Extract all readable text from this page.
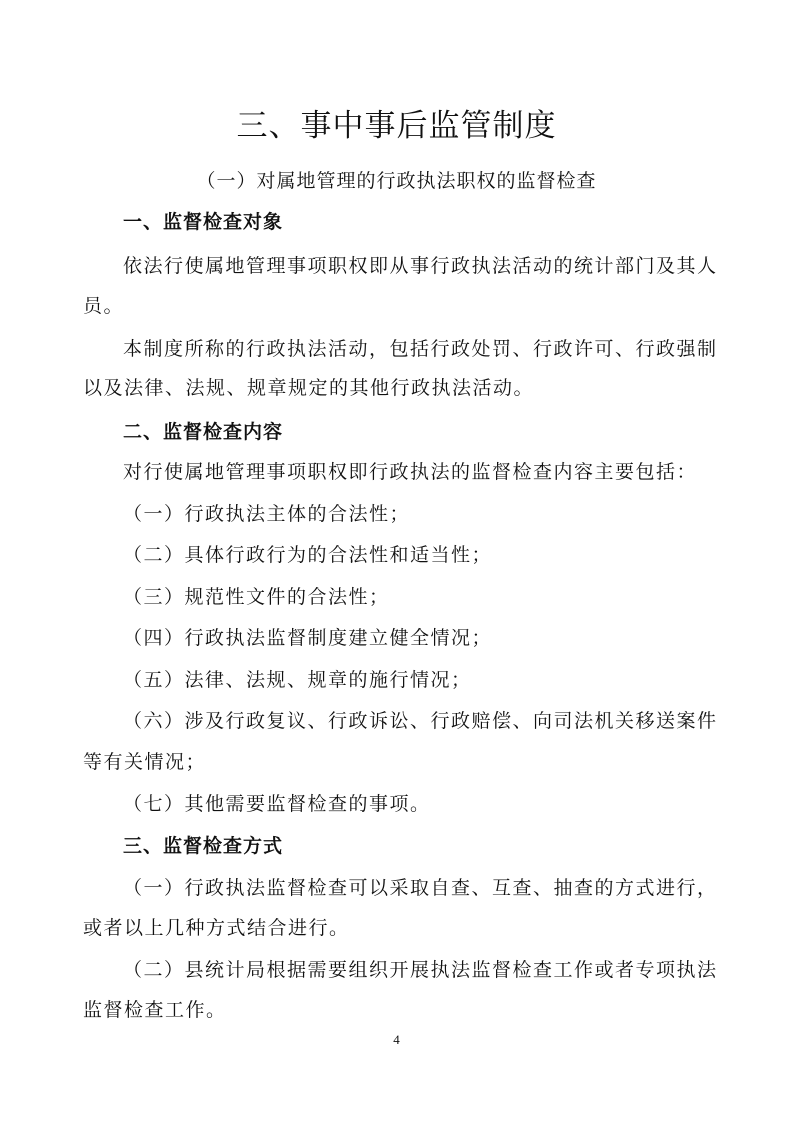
三、事中事后监管制度
（一）对属地管理的行政执法职权的监督检查
一、监督检查对象
依法行使属地管理事项职权即从事行政执法活动的统计部门及其人
员。
本制度所称的行政执法活动，包括行政处罚、行政许可、行政强制
以及法律、法规、规章规定的其他行政执法活动。
二、监督检查内容
对行使属地管理事项职权即行政执法的监督检查内容主要包括：
（一）行政执法主体的合法性；
（二）具体行政行为的合法性和适当性；
（三）规范性文件的合法性；
（四）行政执法监督制度建立健全情况；
（五）法律、法规、规章的施行情况；
（六）涉及行政复议、行政诉讼、行政赔偿、向司法机关移送案件
等有关情况；
（七）其他需要监督检查的事项。
三、监督检查方式
（一）行政执法监督检查可以采取自查、互查、抽查的方式进行，
或者以上几种方式结合进行。
（二）县统计局根据需要组织开展执法监督检查工作或者专项执法
监督检查工作。
4
